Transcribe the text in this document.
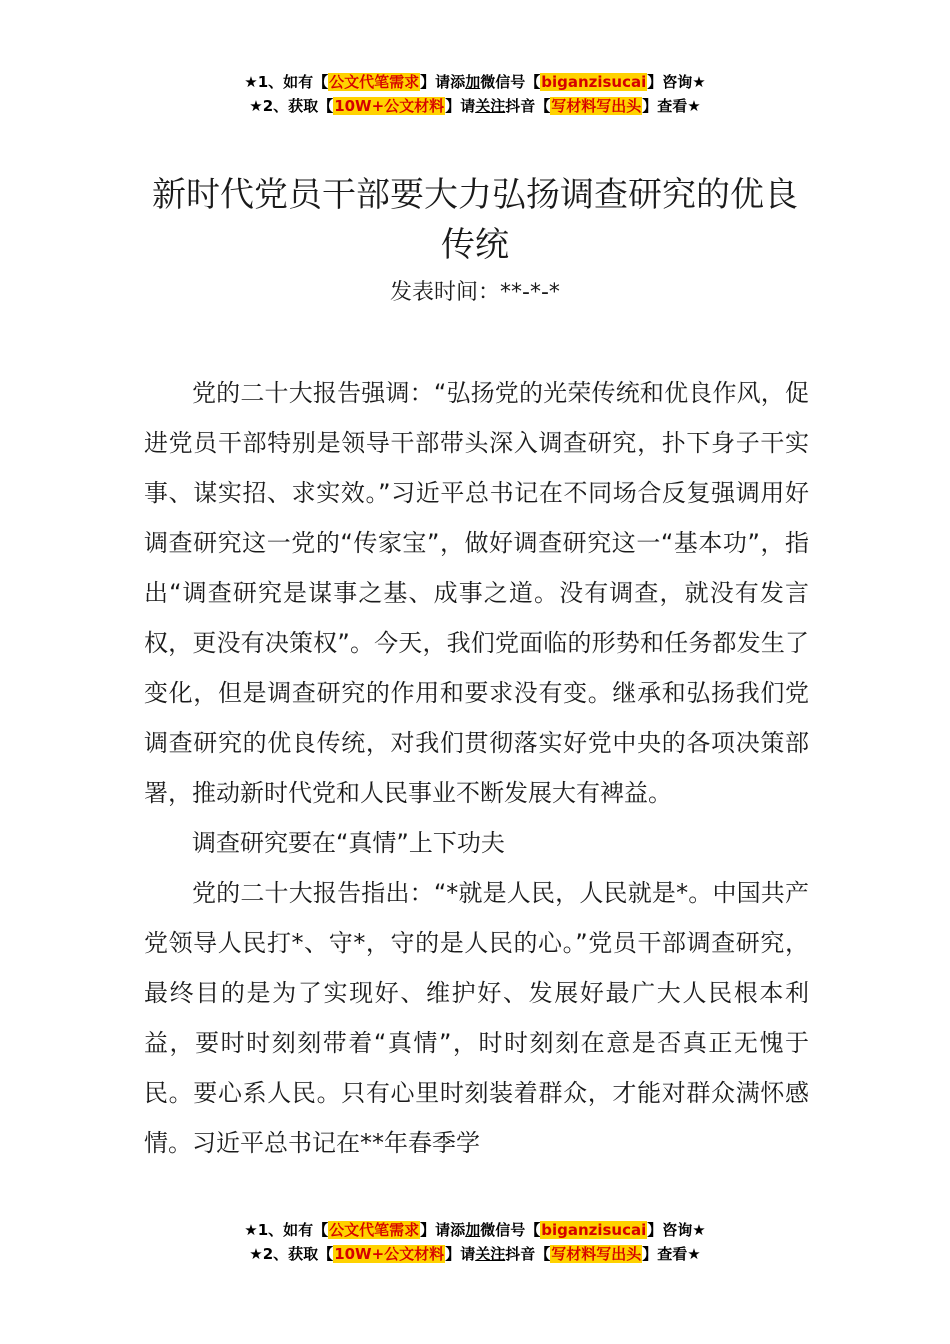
★1、如有【公文代笔需求】请添加微信号【biganzisucai】咨询★
★2、获取【10W+公文材料】请关注抖音【写材料写出头】查看★
新时代党员干部要大力弘扬调查研究的优良传统
发表时间：**-*-*

党的二十大报告强调：“弘扬党的光荣传统和优良作风，促进党员干部特别是领导干部带头深入调查研究，扑下身子干实事、谋实招、求实效。”习近平总书记在不同场合反复强调用好调查研究这一党的“传家宝”，做好调查研究这一“基本功”，指出“调查研究是谋事之基、成事之道。没有调查，就没有发言权，更没有决策权”。今天，我们党面临的形势和任务都发生了变化，但是调查研究的作用和要求没有变。继承和弘扬我们党调查研究的优良传统，对我们贯彻落实好党中央的各项决策部署，推动新时代党和人民事业不断发展大有裨益。

调查研究要在“真情”上下功夫

党的二十大报告指出：“*就是人民，人民就是*。中国共产党领导人民打*、守*，守的是人民的心。”党员干部调查研究，最终目的是为了实现好、维护好、发展好最广大人民根本利益，要时时刻刻带着“真情”，时时刻刻在意是否真正无愧于民。要心系人民。只有心里时刻装着群众，才能对群众满怀感情。习近平总书记在**年春季学

★1、如有【公文代笔需求】请添加微信号【biganzisucai】咨询★
★2、获取【10W+公文材料】请关注抖音【写材料写出头】查看★
